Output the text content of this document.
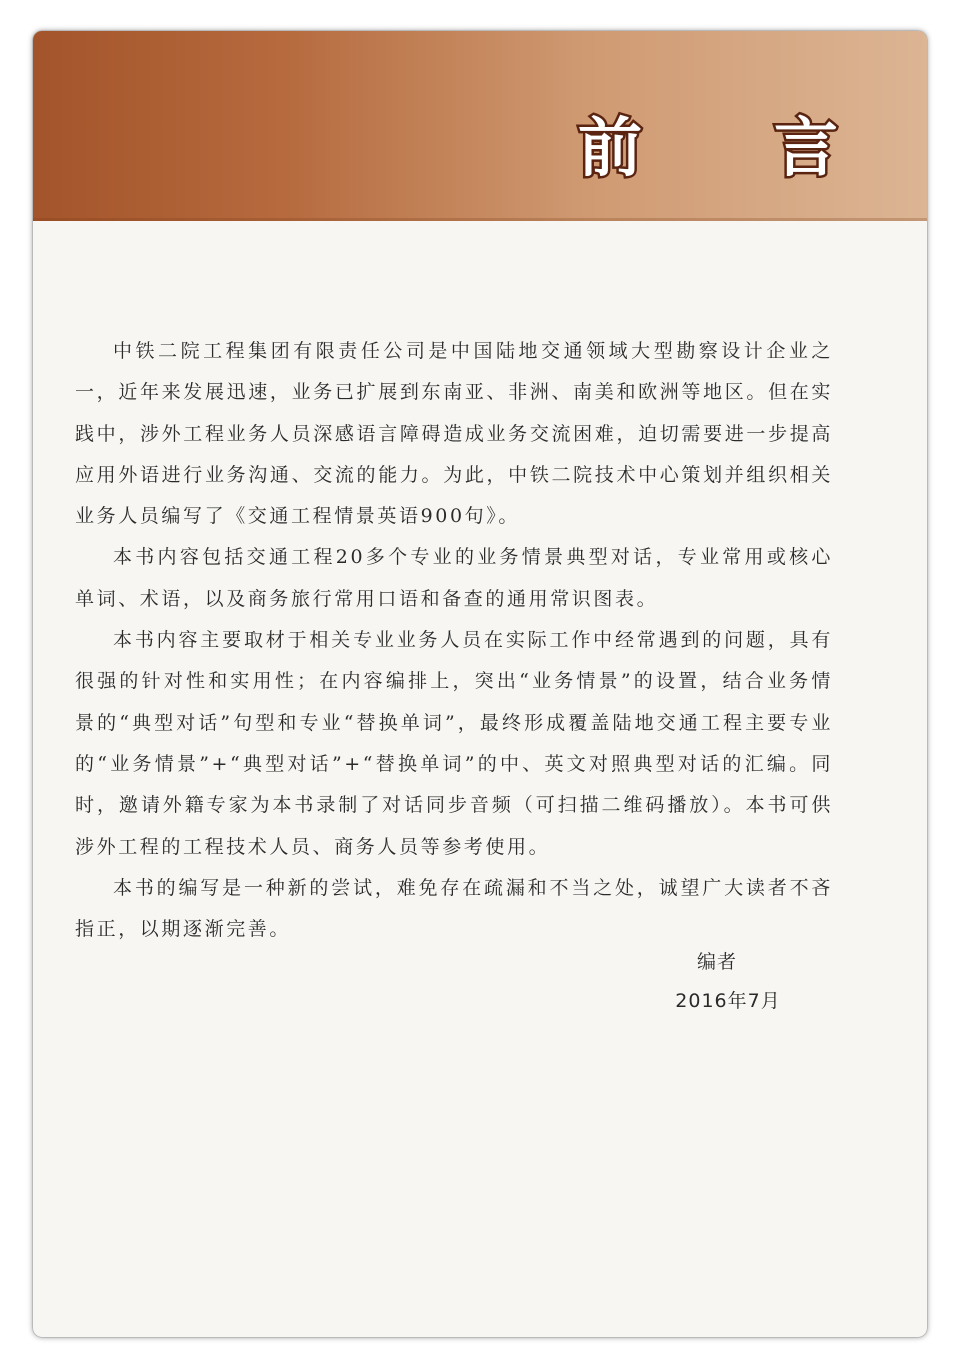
前 言

中铁二院工程集团有限责任公司是中国陆地交通领域大型勘察设计企业之一，近年来发展迅速，业务已扩展到东南亚、非洲、南美和欧洲等地区。但在实践中，涉外工程业务人员深感语言障碍造成业务交流困难，迫切需要进一步提高应用外语进行业务沟通、交流的能力。为此，中铁二院技术中心策划并组织相关业务人员编写了《交通工程情景英语900句》。

本书内容包括交通工程20多个专业的业务情景典型对话，专业常用或核心单词、术语，以及商务旅行常用口语和备查的通用常识图表。

本书内容主要取材于相关专业业务人员在实际工作中经常遇到的问题，具有很强的针对性和实用性；在内容编排上，突出“业务情景”的设置，结合业务情景的“典型对话”句型和专业“替换单词”，最终形成覆盖陆地交通工程主要专业的“业务情景”+“典型对话”+“替换单词”的中、英文对照典型对话的汇编。同时，邀请外籍专家为本书录制了对话同步音频（可扫描二维码播放）。本书可供涉外工程的工程技术人员、商务人员等参考使用。

本书的编写是一种新的尝试，难免存在疏漏和不当之处，诚望广大读者不吝指正，以期逐渐完善。

编者
2016年7月
